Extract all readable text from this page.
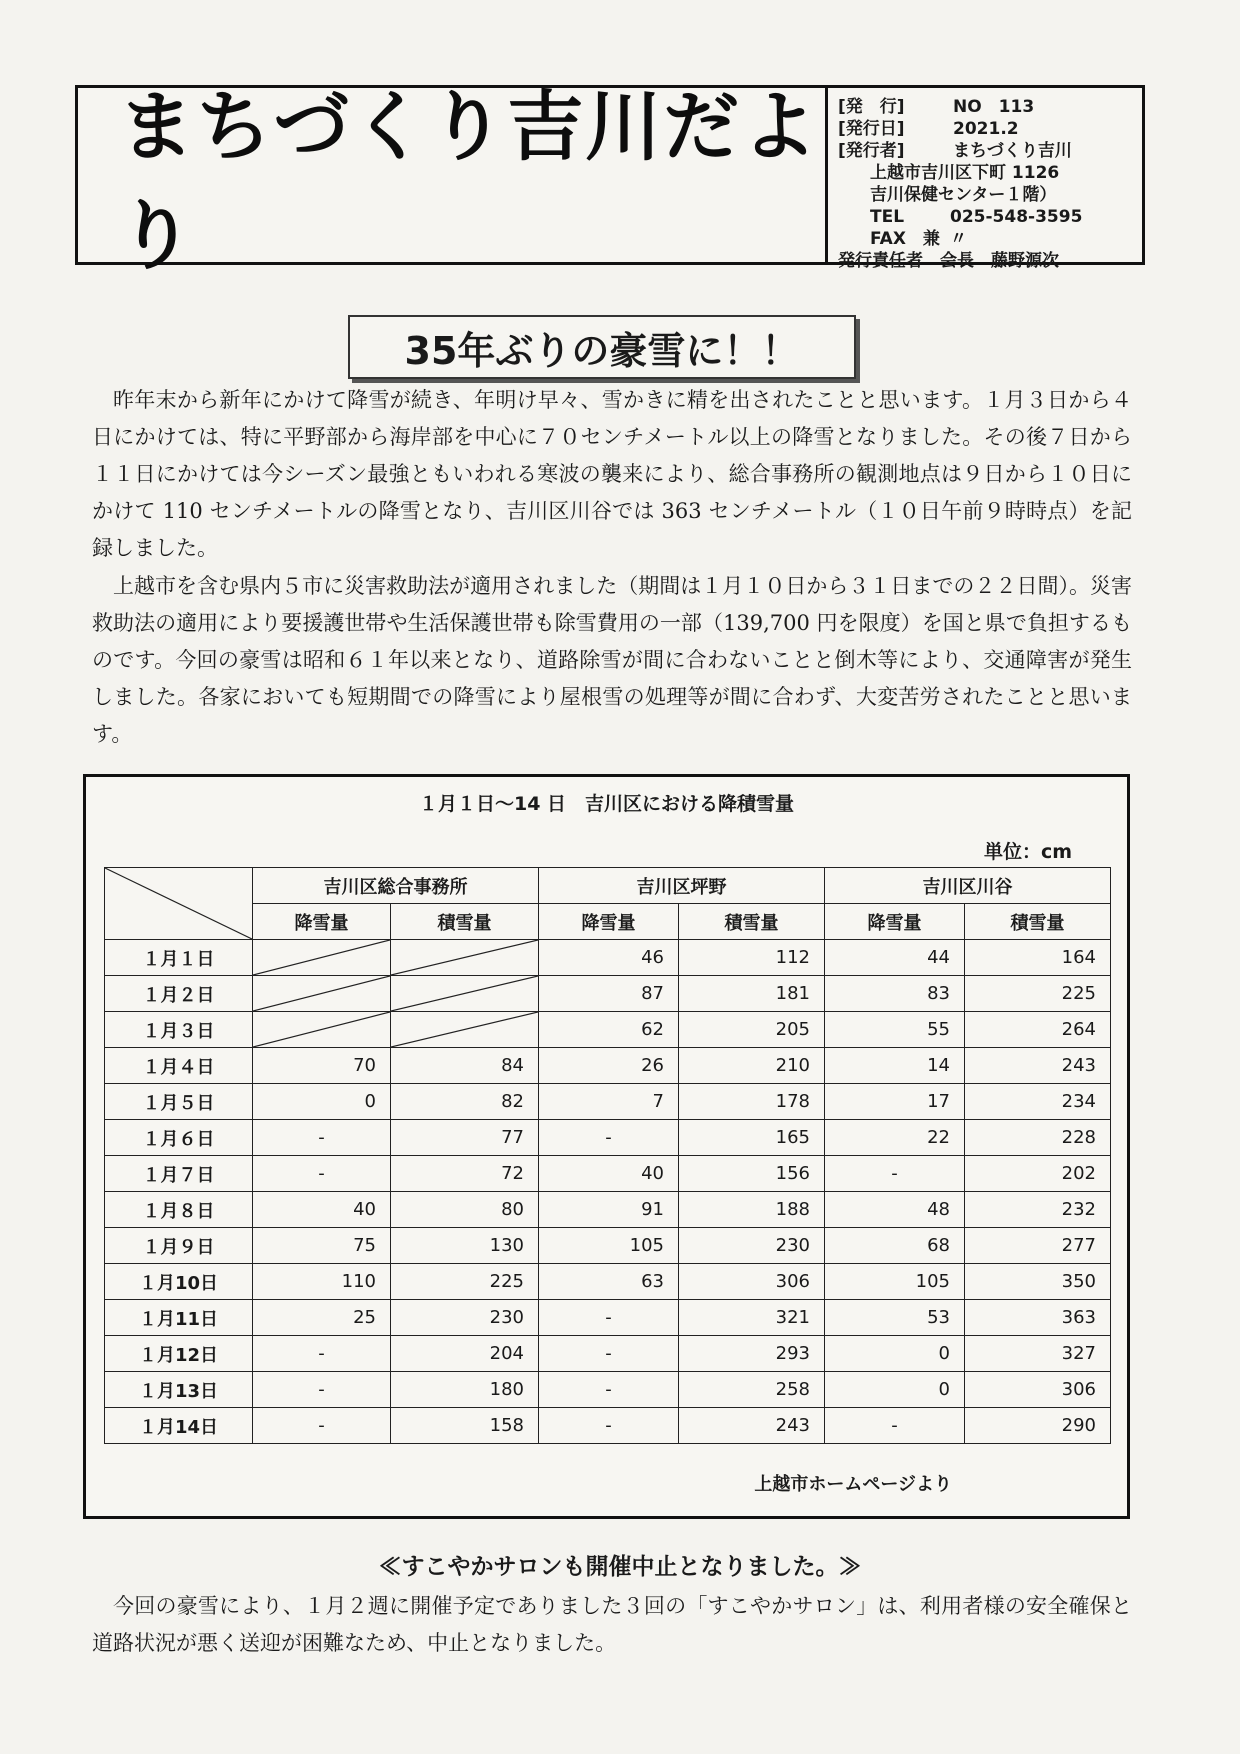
まちづくり吉川だより
[発　行]	NO　113
[発行日]	2021.2
[発行者]	まちづくり吉川
上越市吉川区下町 1126
吉川保健センター１階）
TEL	025-548-3595
FAX　兼 〃
発行責任者　会長　藤野源次
35年ぶりの豪雪に！！

昨年末から新年にかけて降雪が続き、年明け早々、雪かきに精を出されたことと思います。１月３日から４日にかけては、特に平野部から海岸部を中心に７０センチメートル以上の降雪となりました。その後７日から１１日にかけては今シーズン最強ともいわれる寒波の襲来により、総合事務所の観測地点は９日から１０日にかけて 110 センチメートルの降雪となり、吉川区川谷では 363 センチメートル（１０日午前９時時点）を記録しました。

上越市を含む県内５市に災害救助法が適用されました（期間は１月１０日から３１日までの２２日間）。災害救助法の適用により要援護世帯や生活保護世帯も除雪費用の一部（139,700 円を限度）を国と県で負担するものです。今回の豪雪は昭和６１年以来となり、道路除雪が間に合わないことと倒木等により、交通障害が発生しました。各家においても短期間での降雪により屋根雪の処理等が間に合わず、大変苦労されたことと思います。

１月１日～14 日　吉川区における降積雪量
単位：cm
	吉川区総合事務所		吉川区坪野		吉川区川谷	
	降雪量	積雪量	降雪量	積雪量	降雪量	積雪量
１月１日			46	112	44	164
１月２日			87	181	83	225
１月３日			62	205	55	264
１月４日	70	84	26	210	14	243
１月５日	0	82	7	178	17	234
１月６日	-	77	-	165	22	228
１月７日	-	72	40	156	-	202
１月８日	40	80	91	188	48	232
１月９日	75	130	105	230	68	277
１月10日	110	225	63	306	105	350
１月11日	25	230	-	321	53	363
１月12日	-	204	-	293	0	327
１月13日	-	180	-	258	0	306
１月14日	-	158	-	243	-	290
上越市ホームページより
≪すこやかサロンも開催中止となりました。≫

今回の豪雪により、１月２週に開催予定でありました３回の「すこやかサロン」は、利用者様の安全確保と道路状況が悪く送迎が困難なため、中止となりました。
